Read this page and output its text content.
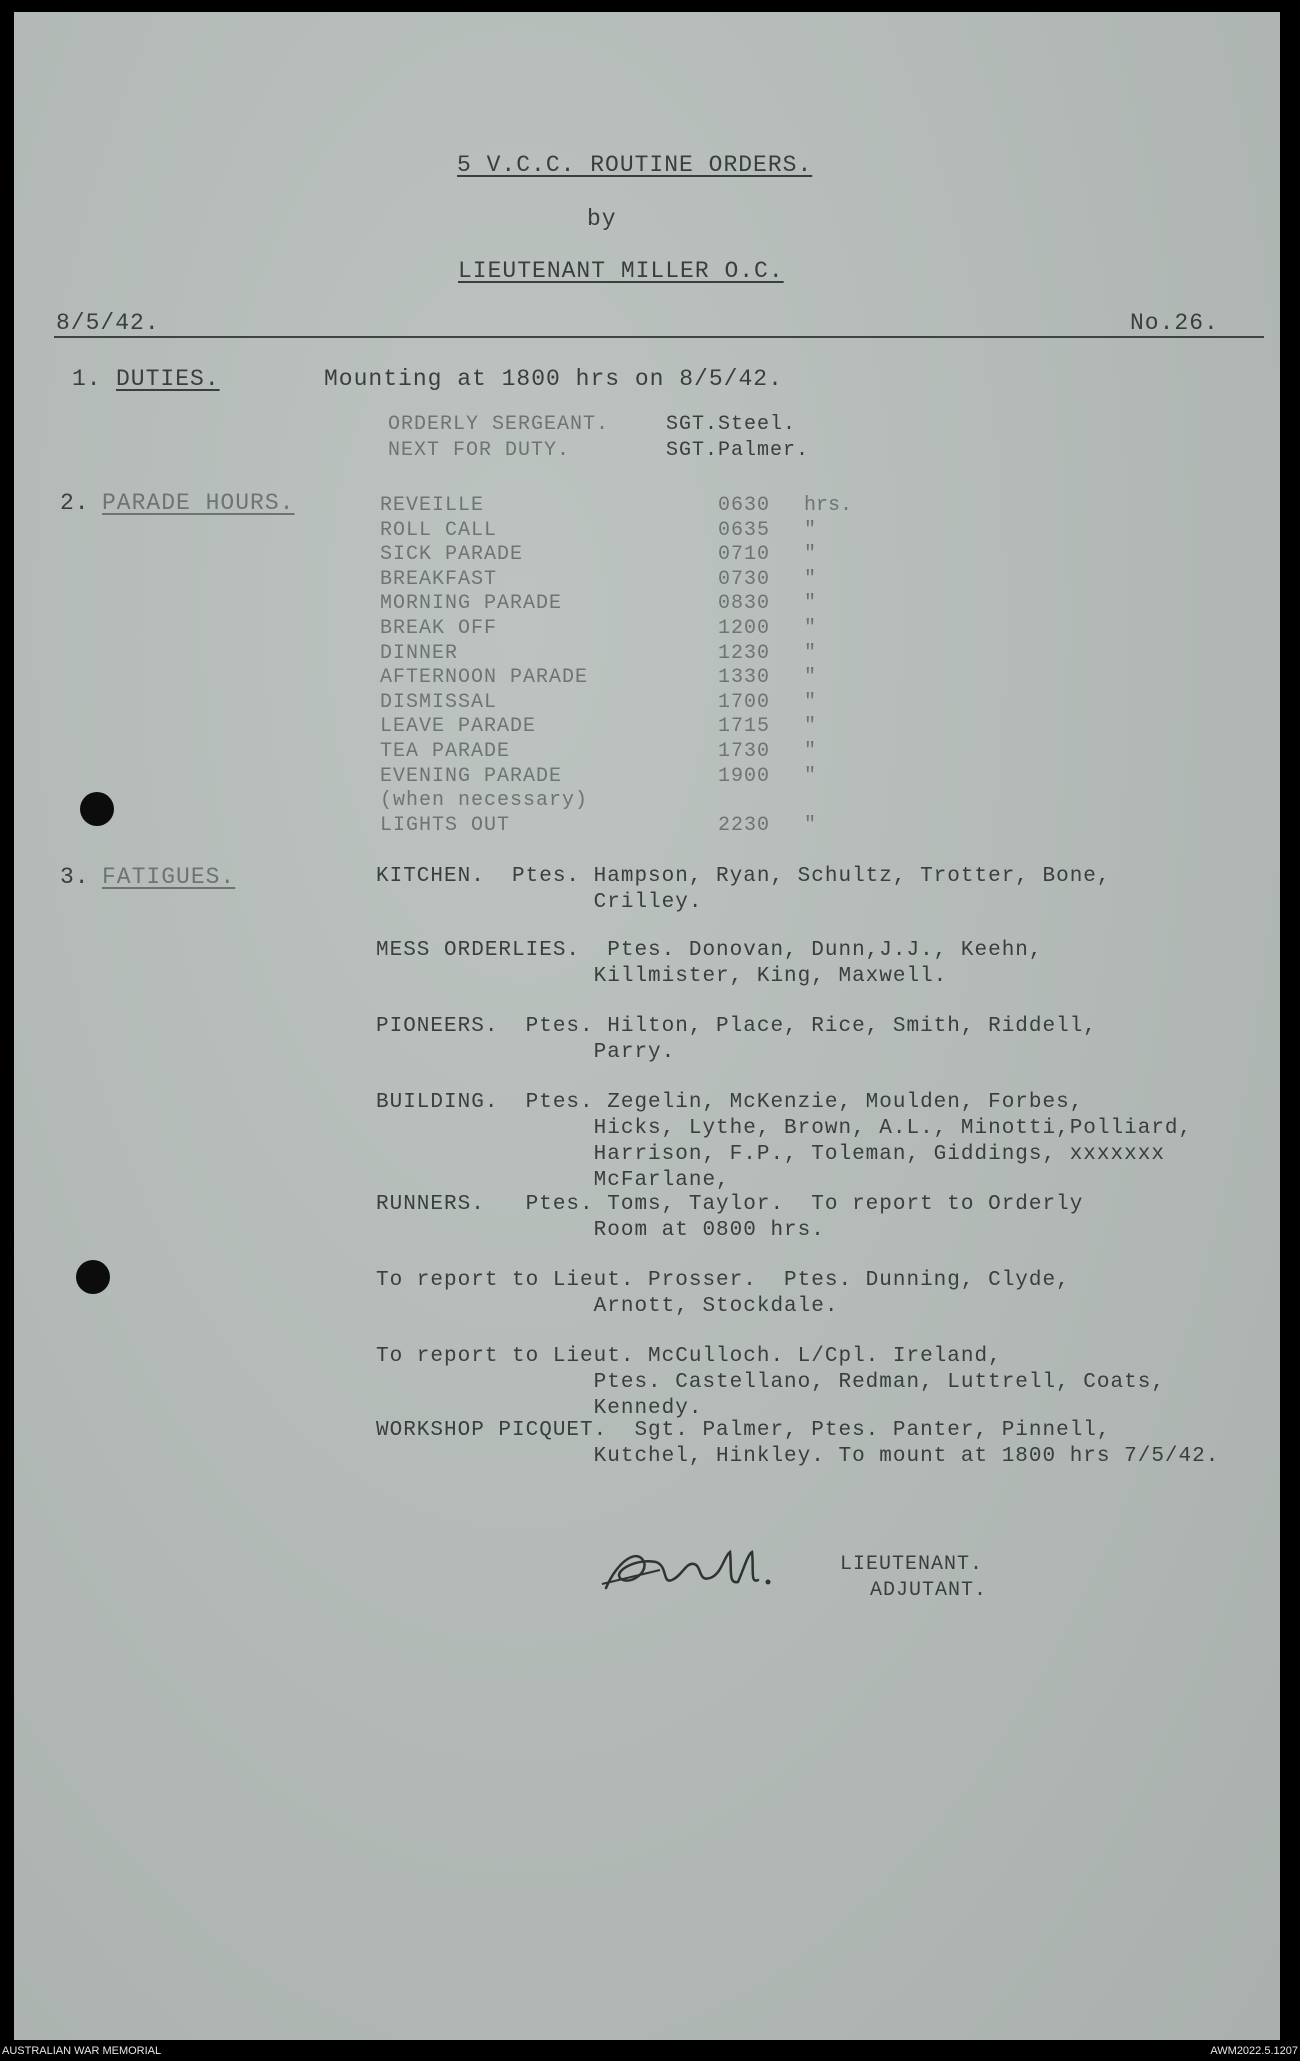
5 V.C.C. ROUTINE ORDERS.
by
LIEUTENANT MILLER O.C.
8/5/42.	No.26.
1. DUTIES.	Mounting at 1800 hrs on 8/5/42.
ORDERLY SERGEANT.	SGT.Steel.
NEXT FOR DUTY.	SGT.Palmer.
2. PARADE HOURS.
3. FATIGUES.
LIEUTENANT.
ADJUTANT.
REVEILLE	0630 hrs.
ROLL CALL	0635 "
SICK PARADE	0710 "
BREAKFAST	0730 "
MORNING PARADE	0830 "
BREAK OFF	1200 "
DINNER	1230 "
AFTERNOON PARADE	1330 "
DISMISSAL	1700 "
LEAVE PARADE	1715 "
TEA PARADE	1730 "
EVENING PARADE	1900 "
(when necessary)
LIGHTS OUT	2230 "
KITCHEN.  Ptes. Hampson, Ryan, Schultz, Trotter, Bone,
Crilley.
MESS ORDERLIES.  Ptes. Donovan, Dunn,J.J., Keehn,
Killmister, King, Maxwell.
PIONEERS.  Ptes. Hilton, Place, Rice, Smith, Riddell,
Parry.
BUILDING.  Ptes. Zegelin, McKenzie, Moulden, Forbes,
Hicks, Lythe, Brown, A.L., Minotti,Polliard,
Harrison, F.P., Toleman, Giddings, xxxxxxx
McFarlane,
RUNNERS.   Ptes. Toms, Taylor.  To report to Orderly
Room at 0800 hrs.
To report to Lieut. Prosser.  Ptes. Dunning, Clyde,
Arnott, Stockdale.
To report to Lieut. McCulloch. L/Cpl. Ireland,
Ptes. Castellano, Redman, Luttrell, Coats,
Kennedy.
WORKSHOP PICQUET.  Sgt. Palmer, Ptes. Panter, Pinnell,
Kutchel, Hinkley. To mount at 1800 hrs 7/5/42.
AUSTRALIAN WAR MEMORIAL	AWM2022.5.1207
